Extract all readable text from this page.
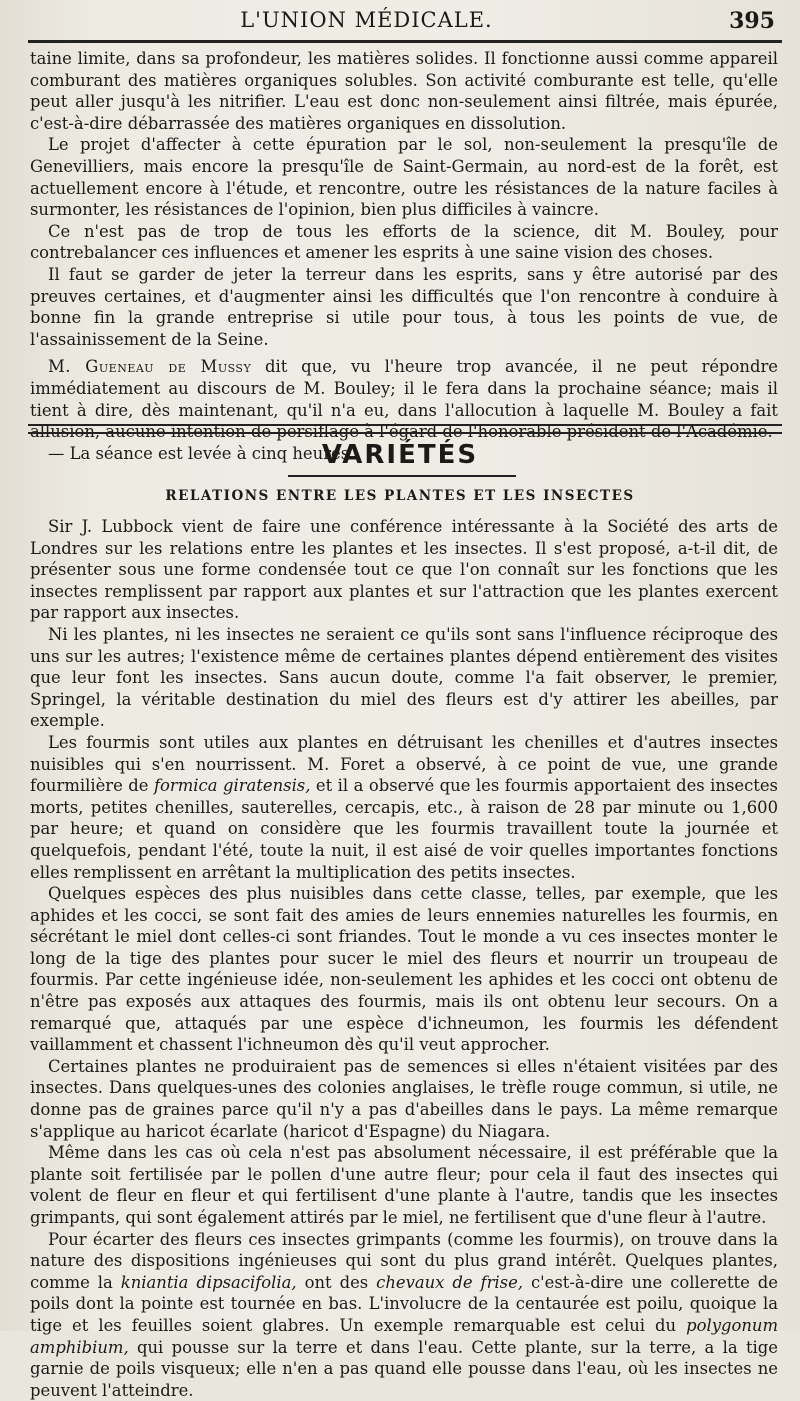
L'UNION MÉDICALE.	395

taine limite, dans sa profondeur, les matières solides. Il fonctionne aussi comme appareil comburant des matières organiques solubles. Son activité comburante est telle, qu'elle peut aller jusqu'à les nitrifier. L'eau est donc non-seulement ainsi filtrée, mais épurée, c'est-à-dire débarrassée des matières organiques en dissolution.

Le projet d'affecter à cette épuration par le sol, non-seulement la presqu'île de Genevilliers, mais encore la presqu'île de Saint-Germain, au nord-est de la forêt, est actuellement encore à l'étude, et rencontre, outre les résistances de la nature faciles à surmonter, les résistances de l'opinion, bien plus difficiles à vaincre.

Ce n'est pas de trop de tous les efforts de la science, dit M. Bouley, pour contrebalancer ces influences et amener les esprits à une saine vision des choses.

Il faut se garder de jeter la terreur dans les esprits, sans y être autorisé par des preuves certaines, et d'augmenter ainsi les difficultés que l'on rencontre à conduire à bonne fin la grande entreprise si utile pour tous, à tous les points de vue, de l'assainissement de la Seine.

M. Gueneau de Mussy dit que, vu l'heure trop avancée, il ne peut répondre immédiatement au discours de M. Bouley; il le fera dans la prochaine séance; mais il tient à dire, dès maintenant, qu'il n'a eu, dans l'allocution à laquelle M. Bouley a fait allusion, aucune intention de persiflage à l'égard de l'honorable président de l'Académie.

— La séance est levée à cinq heures.

VARIÉTÉS
RELATIONS ENTRE LES PLANTES ET LES INSECTES

Sir J. Lubbock vient de faire une conférence intéressante à la Société des arts de Londres sur les relations entre les plantes et les insectes. Il s'est proposé, a-t-il dit, de présenter sous une forme condensée tout ce que l'on connaît sur les fonctions que les insectes remplissent par rapport aux plantes et sur l'attraction que les plantes exercent par rapport aux insectes.

Ni les plantes, ni les insectes ne seraient ce qu'ils sont sans l'influence réciproque des uns sur les autres; l'existence même de certaines plantes dépend entièrement des visites que leur font les insectes. Sans aucun doute, comme l'a fait observer, le premier, Springel, la véritable destination du miel des fleurs est d'y attirer les abeilles, par exemple.

Les fourmis sont utiles aux plantes en détruisant les chenilles et d'autres insectes nuisibles qui s'en nourrissent. M. Foret a observé, à ce point de vue, une grande fourmilière de formica giratensis, et il a observé que les fourmis apportaient des insectes morts, petites chenilles, sauterelles, cercapis, etc., à raison de 28 par minute ou 1,600 par heure; et quand on considère que les fourmis travaillent toute la journée et quelquefois, pendant l'été, toute la nuit, il est aisé de voir quelles importantes fonctions elles remplissent en arrêtant la multiplication des petits insectes.

Quelques espèces des plus nuisibles dans cette classe, telles, par exemple, que les aphides et les cocci, se sont fait des amies de leurs ennemies naturelles les fourmis, en sécrétant le miel dont celles-ci sont friandes. Tout le monde a vu ces insectes monter le long de la tige des plantes pour sucer le miel des fleurs et nourrir un troupeau de fourmis. Par cette ingénieuse idée, non-seulement les aphides et les cocci ont obtenu de n'être pas exposés aux attaques des fourmis, mais ils ont obtenu leur secours. On a remarqué que, attaqués par une espèce d'ichneumon, les fourmis les défendent vaillamment et chassent l'ichneumon dès qu'il veut approcher.

Certaines plantes ne produiraient pas de semences si elles n'étaient visitées par des insectes. Dans quelques-unes des colonies anglaises, le trèfle rouge commun, si utile, ne donne pas de graines parce qu'il n'y a pas d'abeilles dans le pays. La même remarque s'applique au haricot écarlate (haricot d'Espagne) du Niagara.

Même dans les cas où cela n'est pas absolument nécessaire, il est préférable que la plante soit fertilisée par le pollen d'une autre fleur; pour cela il faut des insectes qui volent de fleur en fleur et qui fertilisent d'une plante à l'autre, tandis que les insectes grimpants, qui sont également attirés par le miel, ne fertilisent que d'une fleur à l'autre.

Pour écarter des fleurs ces insectes grimpants (comme les fourmis), on trouve dans la nature des dispositions ingénieuses qui sont du plus grand intérêt. Quelques plantes, comme la kniantia dipsacifolia, ont des chevaux de frise, c'est-à-dire une collerette de poils dont la pointe est tournée en bas. L'involucre de la centaurée est poilu, quoique la tige et les feuilles soient glabres. Un exemple remarquable est celui du polygonum amphibium, qui pousse sur la terre et dans l'eau. Cette plante, sur la terre, a la tige garnie de poils visqueux; elle n'en a pas quand elle pousse dans l'eau, où les insectes ne peuvent l'atteindre.
